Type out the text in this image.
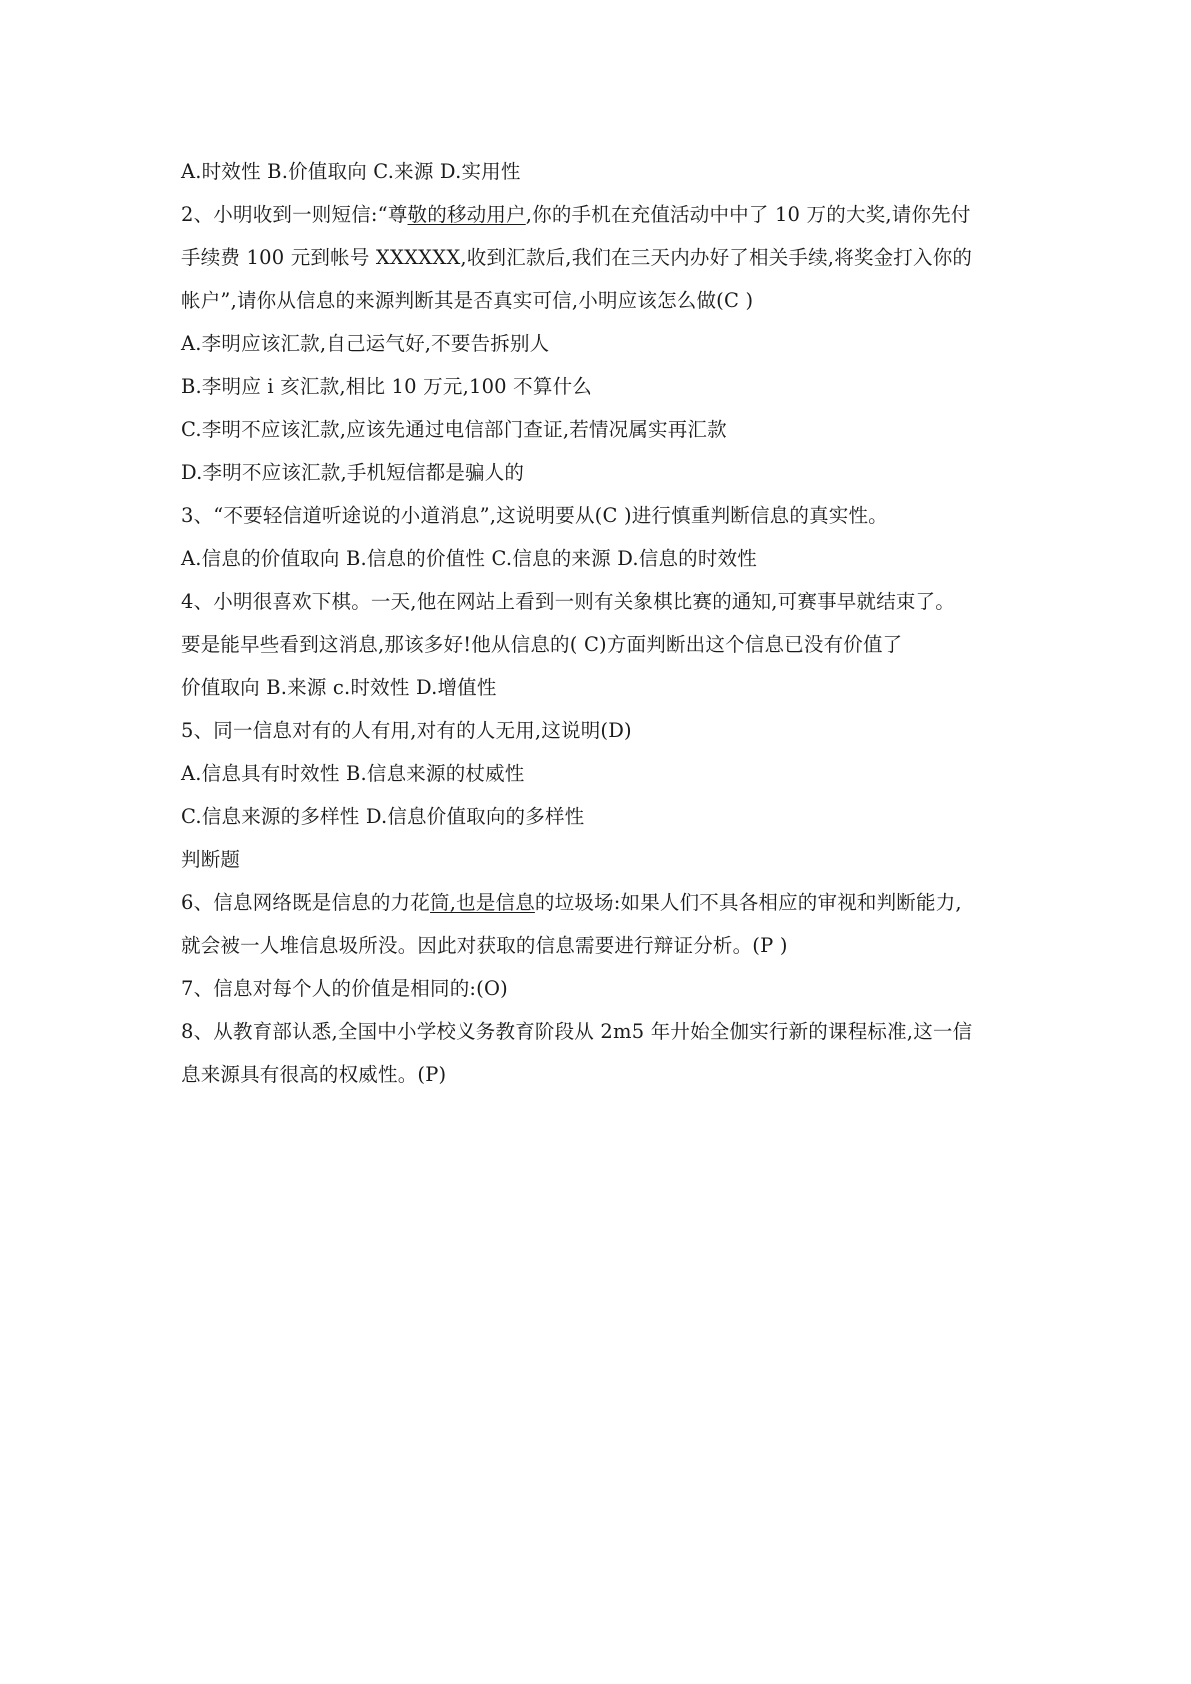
A.时效性 B.价值取向 C.来源 D.实用性
2、小明收到一则短信:“尊敬的移动用户,你的手机在充值活动中中了 10 万的大奖,请你先付
手续费 100 元到帐号 XXXXXX,收到汇款后,我们在三天内办好了相关手续,将奖金打入你的
帐户”,请你从信息的来源判断其是否真实可信,小明应该怎么做(C )
A.李明应该汇款,自己运气好,不要告拆别人
B.李明应 i 亥汇款,相比 10 万元,100 不算什么
C.李明不应该汇款,应该先通过电信部门查证,若情况属实再汇款
D.李明不应该汇款,手机短信都是骗人的
3、“不要轻信道听途说的小道消息”,这说明要从(C )进行慎重判断信息的真实性。
A.信息的价值取向 B.信息的价值性 C.信息的来源 D.信息的时效性
4、小明很喜欢下棋。一天,他在网站上看到一则有关象棋比赛的通知,可赛事早就结束了。
要是能早些看到这消息,那该多好!他从信息的( C)方面判断出这个信息已没有价值了
价值取向 B.来源 c.时效性 D.增值性
5、同一信息对有的人有用,对有的人无用,这说明(D)
A.信息具有时效性 B.信息来源的杖威性
C.信息来源的多样性 D.信息价值取向的多样性
判断题
6、信息网络既是信息的力花筒,也是信息的垃圾场:如果人们不具各相应的审视和判断能力,
就会被一人堆信息圾所没。因此对获取的信息需要进行辩证分析。(P )
7、信息对每个人的价值是相同的:(O)
8、从教育部认悉,全国中小学校义务教育阶段从 2m5 年廾始全伽实行新的课程标准,这一信
息来源具有很高的权威性。(P)
